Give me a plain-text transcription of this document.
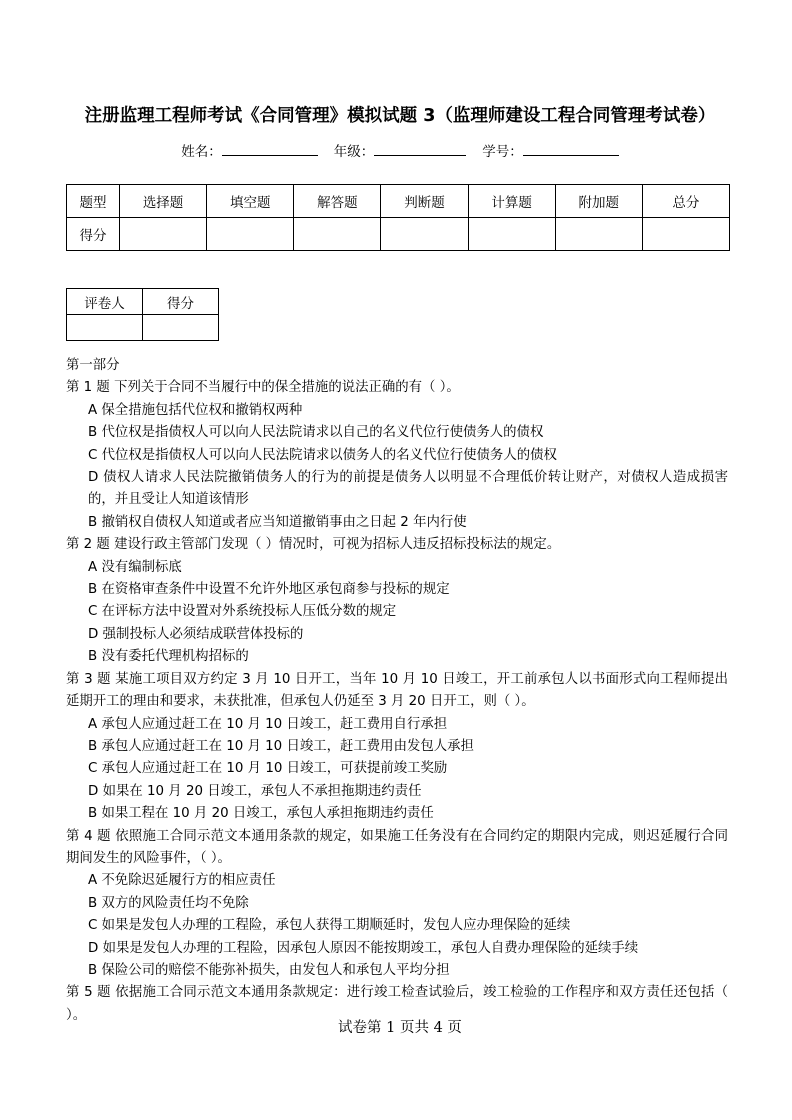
注册监理工程师考试《合同管理》模拟试题 3（监理师建设工程合同管理考试卷）
姓名：	年级：	学号：
题型	选择题	填空题	解答题	判断题	计算题	附加题	总分
得分							
评卷人	得分

第一部分

第 1 题 下列关于合同不当履行中的保全措施的说法正确的有（ ）。

A 保全措施包括代位权和撤销权两种

B 代位权是指债权人可以向人民法院请求以自己的名义代位行使债务人的债权

C 代位权是指债权人可以向人民法院请求以债务人的名义代位行使债务人的债权

D 债权人请求人民法院撤销债务人的行为的前提是债务人以明显不合理低价转让财产，对债权人造成损害的，并且受让人知道该情形

B 撤销权自债权人知道或者应当知道撤销事由之日起 2 年内行使

第 2 题 建设行政主管部门发现（ ）情况时，可视为招标人违反招标投标法的规定。

A 没有编制标底

B 在资格审查条件中设置不允许外地区承包商参与投标的规定

C 在评标方法中设置对外系统投标人压低分数的规定

D 强制投标人必须结成联营体投标的

B 没有委托代理机构招标的

第 3 题 某施工项目双方约定 3 月 10 日开工，当年 10 月 10 日竣工，开工前承包人以书面形式向工程师提出延期开工的理由和要求，未获批准，但承包人仍延至 3 月 20 日开工，则（ ）。

A 承包人应通过赶工在 10 月 10 日竣工，赶工费用自行承担

B 承包人应通过赶工在 10 月 10 日竣工，赶工费用由发包人承担

C 承包人应通过赶工在 10 月 10 日竣工，可获提前竣工奖励

D 如果在 10 月 20 日竣工，承包人不承担拖期违约责任

B 如果工程在 10 月 20 日竣工，承包人承担拖期违约责任

第 4 题 依照施工合同示范文本通用条款的规定，如果施工任务没有在合同约定的期限内完成，则迟延履行合同期间发生的风险事件，（ ）。

A 不免除迟延履行方的相应责任

B 双方的风险责任均不免除

C 如果是发包人办理的工程险，承包人获得工期顺延时，发包人应办理保险的延续

D 如果是发包人办理的工程险，因承包人原因不能按期竣工，承包人自费办理保险的延续手续

B 保险公司的赔偿不能弥补损失，由发包人和承包人平均分担

第 5 题 依据施工合同示范文本通用条款规定：进行竣工检查试验后，竣工检验的工作程序和双方责任还包括（ ）。

试卷第 1 页共 4 页
